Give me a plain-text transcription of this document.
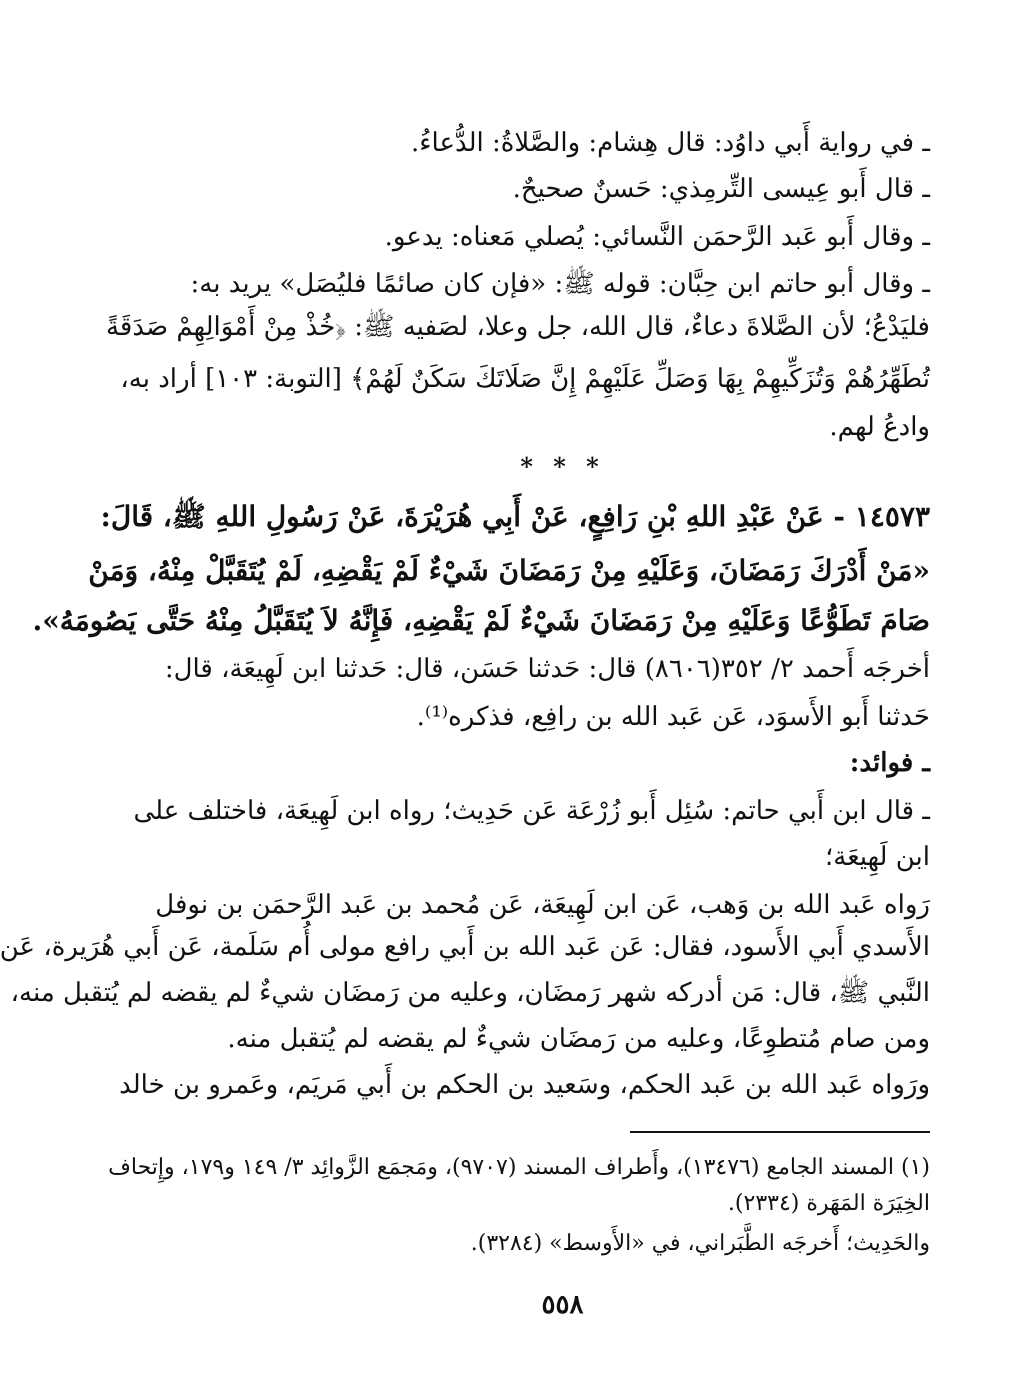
ـ في رواية أَبي داوُد: قال هِشام: والصَّلاةُ: الدُّعاءُ.
ـ قال أَبو عِيسى التِّرمِذي: حَسنٌ صحيحٌ.
ـ وقال أَبو عَبد الرَّحمَن النَّسائي: يُصلي مَعناه: يدعو.
ـ وقال أبو حاتم ابن حِبَّان: قوله ﷺ: «فإن كان صائمًا فليُصَل» يريد به:
فليَدْعُ؛ لأن الصَّلاةَ دعاءٌ، قال الله، جل وعلا، لصَفيه ﷺ: ﴿خُذْ مِنْ أَمْوَالِهِمْ صَدَقَةً
تُطَهِّرُهُمْ وَتُزَكِّيهِمْ بِهَا وَصَلِّ عَلَيْهِمْ إِنَّ صَلَاتَكَ سَكَنٌ لَهُمْ﴾ [التوبة: ١٠٣] أراد به،
وادعُ لهم.
* * *
١٤٥٧٣ - عَنْ عَبْدِ اللهِ بْنِ رَافِعٍ، عَنْ أَبِي هُرَيْرَةَ، عَنْ رَسُولِ اللهِ ﷺ، قَالَ:
«مَنْ أَدْرَكَ رَمَضَانَ، وَعَلَيْهِ مِنْ رَمَضَانَ شَيْءٌ لَمْ يَقْضِهِ، لَمْ يُتَقَبَّلْ مِنْهُ، وَمَنْ
صَامَ تَطَوُّعًا وَعَلَيْهِ مِنْ رَمَضَانَ شَيْءٌ لَمْ يَقْضِهِ، فَإِنَّهُ لاَ يُتَقَبَّلُ مِنْهُ حَتَّى يَصُومَهُ».
أخرجَه أَحمد ٢/ ٣٥٢(٨٦٠٦) قال: حَدثنا حَسَن، قال: حَدثنا ابن لَهِيعَة، قال:
حَدثنا أَبو الأَسوَد، عَن عَبد الله بن رافِع، فذكره⁽¹⁾.
ـ فوائد:
ـ قال ابن أَبي حاتم: سُئِل أَبو زُرْعَة عَن حَدِيث؛ رواه ابن لَهِيعَة، فاختلف على
ابن لَهِيعَة؛
رَواه عَبد الله بن وَهب، عَن ابن لَهِيعَة، عَن مُحمد بن عَبد الرَّحمَن بن نوفل
الأَسدي أَبي الأَسود، فقال: عَن عَبد الله بن أَبي رافع مولى أُم سَلَمة، عَن أَبي هُرَيرة، عَن
النَّبي ﷺ، قال: مَن أدركه شهر رَمضَان، وعليه من رَمضَان شيءٌ لم يقضه لم يُتقبل منه،
ومن صام مُتطوِعًا، وعليه من رَمضَان شيءٌ لم يقضه لم يُتقبل منه.
ورَواه عَبد الله بن عَبد الحكم، وسَعيد بن الحكم بن أَبي مَريَم، وعَمرو بن خالد
(١) المسند الجامع (١٣٤٧٦)، وأَطراف المسند (٩٧٠٧)، ومَجمَع الزَّوائِد ٣/ ١٤٩ و١٧٩، وإِتحاف
الخِيَرَة المَهَرة (٢٣٣٤).
والحَدِيث؛ أَخرجَه الطَّبَراني، في «الأَوسط» (٣٢٨٤).
٥٥٨
